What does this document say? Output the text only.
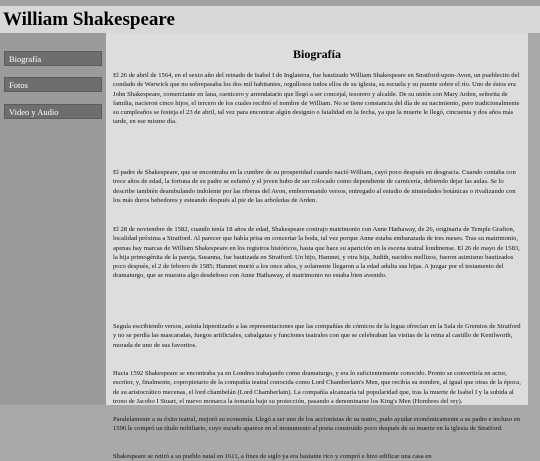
William Shakespeare
Biografía
Fotos
Video y Audio
Biografía

El 26 de abril de 1564, en el sexto año del reinado de Isabel I de Inglaterra, fue bautizado William Shakespeare en Stratford-upon-Avon, un pueblecito del condado de Warwick que no sobrepasaba los dos mil habitantes, orgullosos todos ellos de su iglesia, su escuela y su puente sobre el río. Uno de éstos era John Shakespeare, comerciante en lana, carnicero y arrendatario que llegó a ser concejal, tesorero y alcalde. De su unión con Mary Arden, señorita de familia, nacieron cinco hijos, el tercero de los cuales recibió el nombre de William. No se tiene constancia del día de su nacimiento, pero tradicionalmente su cumpleaños se festeja el 23 de abril, tal vez para encontrar algún designio o fatalidad en la fecha, ya que la muerte le llegó, cincuenta y dos años más tarde, en ese mismo día.

El padre de Shakespeare, que se encontraba en la cumbre de su prosperidad cuando nació William, cayó poco después en desgracia. Cuando contaba con trece años de edad, la fortuna de su padre se esfumó y el joven hubo de ser colocado como dependiente de carnicería, debiendo dejar las aulas. Se lo describe también deambulando indolente por las riberas del Avon, emborronando versos, entregado al estudio de nimiedades botánicas o rivalizando con los más duros bebedores y esteando después al pie de las arboledas de Arden.

El 28 de noviembre de 1582, cuando tenía 18 años de edad, Shakespeare contrajo matrimonio con Anne Hathaway, de 26, originaria de Temple Grafton, localidad próxima a Stratford. Al parecer que había prisa en concertar la boda, tal vez porque Anne estaba embarazada de tres meses. Tras su matrimonio, apenas hay marcas de William Shakespeare en los registros históricos, hasta que hace su aparición en la escena teatral londinense. El 26 de mayo de 1583, la hija primogénita de la pareja, Susanna, fue bautizada en Stratford. Un hijo, Hamnet, y otra hija, Judith, nacidos mellizos, fueron asimismo bautizados poco después, el 2 de febrero de 1585; Hamnet murió a los once años, y solamente llegaron a la edad adulta sus hijas. A juzgar por el testamento del dramaturgo, que se muestra algo desdeñoso con Anne Hathaway, el matrimonio no estaba bien avenido.

Seguía escribiendo versos, asistía hipnotizado a las representaciones que las compañías de cómicos de la legua ofrecían en la Sala de Gremios de Stratford y no se perdía las mascaradas, fuegos artificiales, cabalgatas y funciones teatrales con que se celebraban las visitas de la reina al castillo de Kenilworth, morada de uno de sus favoritos.

Hacia 1592 Shakespeare se encontraba ya en Londres trabajando como dramaturgo, y era lo suficientemente conocido. Pronto se convertiría en actor, escritor, y, finalmente, copropietario de la compañía teatral conocida como Lord Chamberlain's Men, que recibía su nombre, al igual que otras de la época, de su aristocrático mecenas, el lord chambelán (Lord Chamberlain). La compañía alcanzaría tal popularidad que, tras la muerte de Isabel I y la subida al trono de Jacobo I Stuart, el nuevo monarca la tomaría bajo su protección, pasando a denominarse los King's Men (Hombres del rey).

Paralelamente a su éxito teatral, mejoró su economía. Llegó a ser uno de los accionistas de su teatro, pudo ayudar económicamente a su padre e incluso en 1596 le compró un título nobiliario, cuyo escudo aparece en el monumento al poeta construido poco después de su muerte en la iglesia de Stratford.

Shakespeare se retiró a su pueblo natal en 1611, a fines de siglo ya era bastante rico y compró e hizo edificar una casa en
